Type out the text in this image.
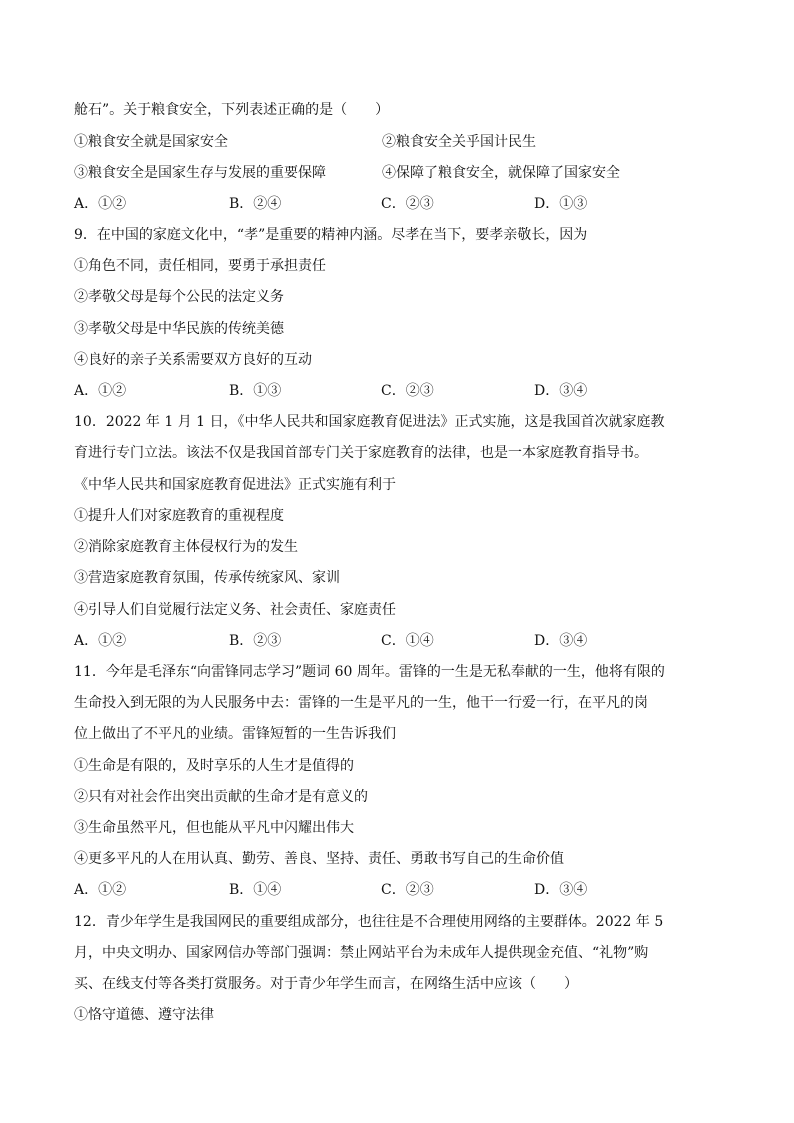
舱石”。关于粮食安全，下列表述正确的是（　　）
①粮食安全就是国家安全	②粮食安全关乎国计民生
③粮食安全是国家生存与发展的重要保障	④保障了粮食安全，就保障了国家安全
A．①②	B．②④	C．②③	D．①③
9．在中国的家庭文化中，“孝”是重要的精神内涵。尽孝在当下，要孝亲敬长，因为
①角色不同，责任相同，要勇于承担责任
②孝敬父母是每个公民的法定义务
③孝敬父母是中华民族的传统美德
④良好的亲子关系需要双方良好的互动
A．①②	B．①③	C．②③	D．③④
10．2022 年 1 月 1 日，《中华人民共和国家庭教育促进法》正式实施，这是我国首次就家庭教
育进行专门立法。该法不仅是我国首部专门关于家庭教育的法律，也是一本家庭教育指导书。
《中华人民共和国家庭教育促进法》正式实施有利于
①提升人们对家庭教育的重视程度
②消除家庭教育主体侵权行为的发生
③营造家庭教育氛围，传承传统家风、家训
④引导人们自觉履行法定义务、社会责任、家庭责任
A．①②	B．②③	C．①④	D．③④
11．今年是毛泽东“向雷锋同志学习”题词 60 周年。雷锋的一生是无私奉献的一生，他将有限的
生命投入到无限的为人民服务中去：雷锋的一生是平凡的一生，他干一行爱一行，在平凡的岗
位上做出了不平凡的业绩。雷锋短暂的一生告诉我们
①生命是有限的，及时享乐的人生才是值得的
②只有对社会作出突出贡献的生命才是有意义的
③生命虽然平凡，但也能从平凡中闪耀出伟大
④更多平凡的人在用认真、勤劳、善良、坚持、责任、勇敢书写自己的生命价值
A．①②	B．①④	C．②③	D．③④
12．青少年学生是我国网民的重要组成部分，也往往是不合理使用网络的主要群体。2022 年 5
月，中央文明办、国家网信办等部门强调：禁止网站平台为未成年人提供现金充值、“礼物”购
买、在线支付等各类打赏服务。对于青少年学生而言，在网络生活中应该（　　）
①恪守道德、遵守法律
